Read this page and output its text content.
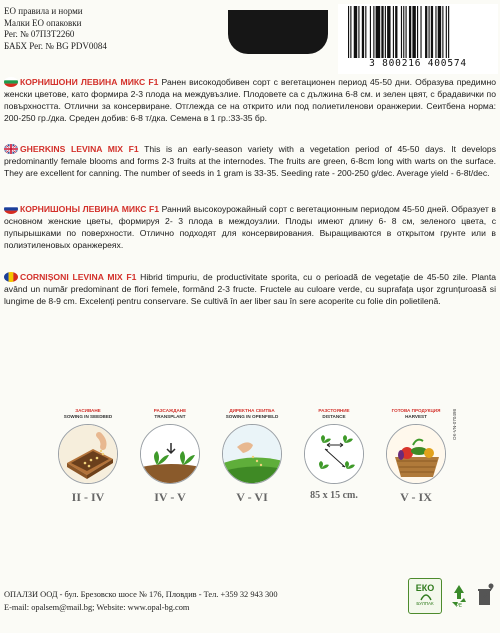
ЕО правила и норми
Малки ЕО опаковки
Рег. № 07ПЗТ2260
БАБХ Рег. № BG PDV0084
3 800216 400574
КОРНИШОНИ ЛЕВИНА МИКС F1 Ранен високодобивен сорт с вегетационен период 45-50 дни. Образува предимно женски цветове, като формира 2-3 плода на междувъзлие. Плодовете са с дължина 6-8 см. и зелен цвят, с брадавички по повърхността. Отлични за консервиране. Отглежда се на открито или под полиетиленови оранжерии. Сеитбена норма: 200-250 гр./дка. Среден добив: 6-8 т/дка. Семена в 1 гр.:33-35 бр.
GHERKINS LEVINA MIX F1 This is an early-season variety with a vegetation period of 45-50 days. It develops predominantly female blooms and forms 2-3 fruits at the internodes. The fruits are green, 6-8cm long with warts on the surface. They are excellent for canning. The number of seeds in 1 gram is 33-35. Seeding rate - 200-250 g/dec. Average yield - 6-8t/dec.
КОРНИШОНЫ ЛЕВИНА МИКС F1 Ранний высокоурожайный сорт с вегетационным периодом 45-50 дней. Образует в основном женские цветы, формируя 2- 3 плода в междоузлии. Плоды имеют длину 6- 8 см, зеленого цвета, с пупырышками по поверхности. Отлично подходят для консервирования. Выращиваются в открытом грунте или в полиэтиленовых оранжереях.
CORNIȘONI LEVINA MIX F1 Hibrid timpuriu, de productivitate sporita, cu o perioadă de vegetație de 45-50 zile. Planta având un număr predominant de flori femele, formând 2-3 fructe. Fructele au culoare verde, cu suprafața ușor zgrunțuroasă si lungime de 8-9 cm. Excelenți pentru conservare. Se cultivă în aer liber sau în sere acoperite cu folie din polietilenă.
ЗАСИВАНЕ
SOWING IN SEEDBED
II - IV
РАЗСАЖДАНЕ
TRANSPLANT
IV - V
ДИРЕКТНА СЕИТБА
SOWING IN OPENFIELD
V - VI
РАЗСТОЯНИЕ
DISTANCE
85 x 15 cm.
ГОТОВА ПРОДУКЦИЯ
HARVEST
V - IX
ОК-VN-070498
ОПАЛЗИ ООД - бул. Брезовско шосе № 176, Пловдив - Тел. +359 32 943 300
E-mail: opalsem@mail.bg; Website: www.opal-bg.com
ЕКО
БУЛПАК	PE
